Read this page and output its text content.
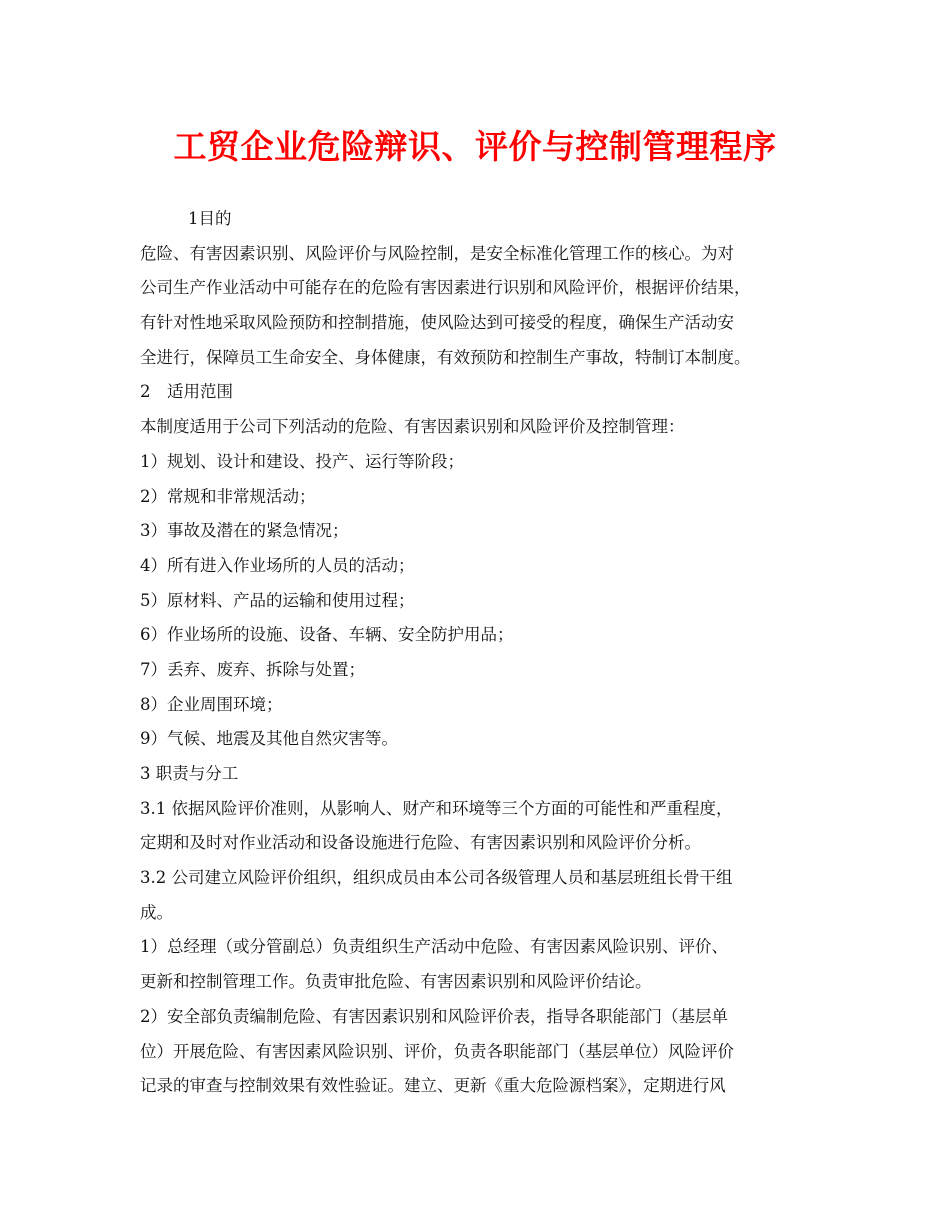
工贸企业危险辩识、评价与控制管理程序
1目的
危险、有害因素识别、风险评价与风险控制，是安全标准化管理工作的核心。为对
公司生产作业活动中可能存在的危险有害因素进行识别和风险评价，根据评价结果，
有针对性地采取风险预防和控制措施，使风险达到可接受的程度，确保生产活动安
全进行，保障员工生命安全、身体健康，有效预防和控制生产事故，特制订本制度。
2　适用范围
本制度适用于公司下列活动的危险、有害因素识别和风险评价及控制管理：
1）规划、设计和建设、投产、运行等阶段；
2）常规和非常规活动；
3）事故及潜在的紧急情况；
4）所有进入作业场所的人员的活动；
5）原材料、产品的运输和使用过程；
6）作业场所的设施、设备、车辆、安全防护用品；
7）丢弃、废弃、拆除与处置；
8）企业周围环境；
9）气候、地震及其他自然灾害等。
3 职责与分工
3.1 依据风险评价准则，从影响人、财产和环境等三个方面的可能性和严重程度，
定期和及时对作业活动和设备设施进行危险、有害因素识别和风险评价分析。
3.2 公司建立风险评价组织，组织成员由本公司各级管理人员和基层班组长骨干组
成。
1）总经理（或分管副总）负责组织生产活动中危险、有害因素风险识别、评价、
更新和控制管理工作。负责审批危险、有害因素识别和风险评价结论。
2）安全部负责编制危险、有害因素识别和风险评价表，指导各职能部门（基层单
位）开展危险、有害因素风险识别、评价，负责各职能部门（基层单位）风险评价
记录的审查与控制效果有效性验证。建立、更新《重大危险源档案》，定期进行风
